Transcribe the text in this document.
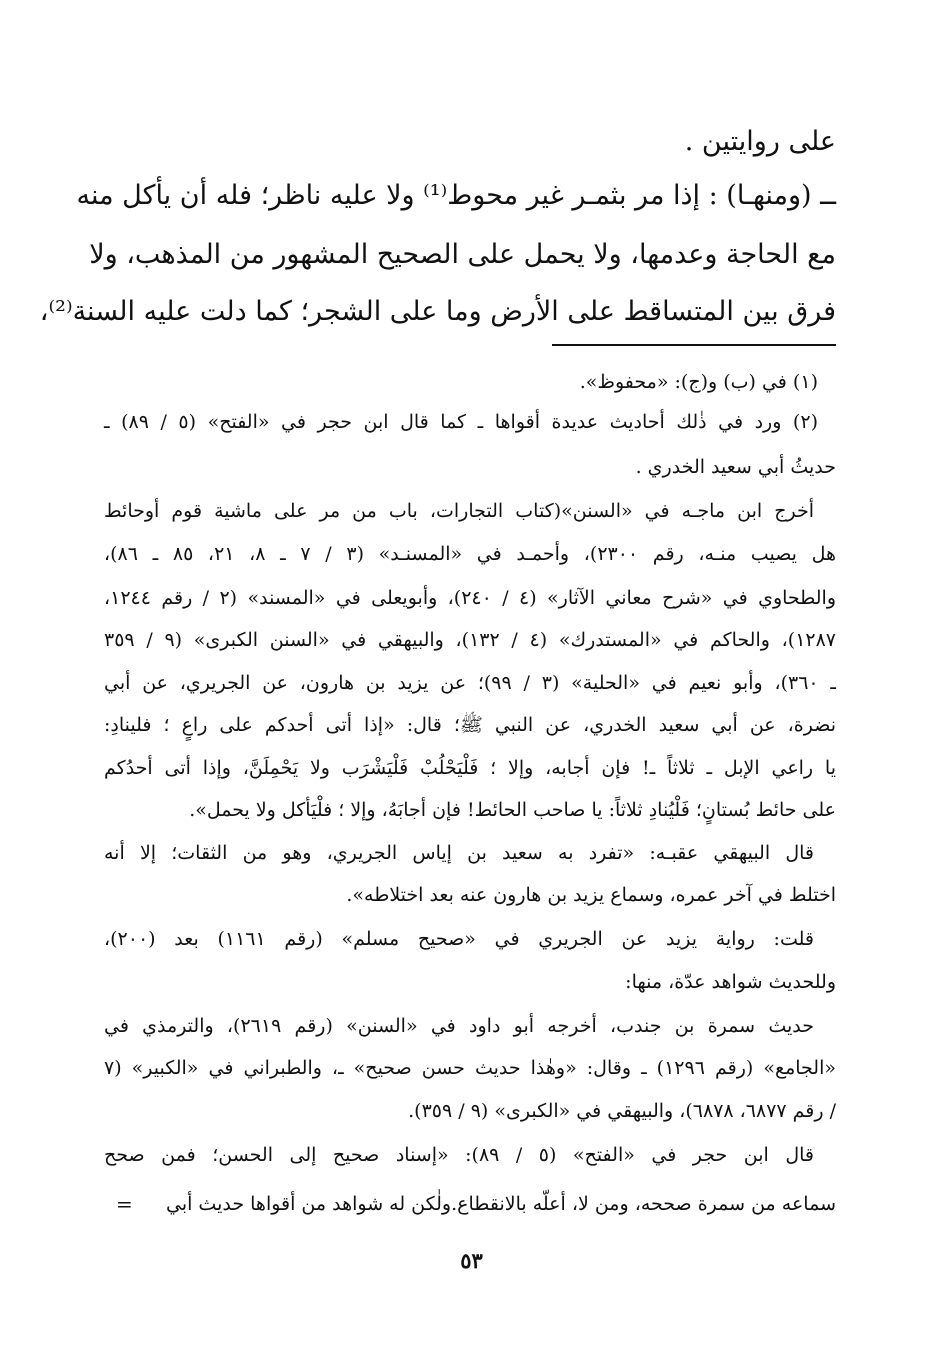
على روايتين .
ــ (ومنهـا) : إذا مر بثمـر غير محوط⁽¹⁾ ولا عليه ناظر؛ فله أن يأكل منه
مع الحاجة وعدمها، ولا يحمل على الصحيح المشهور من المذهب، ولا
فرق بين المتساقط على الأرض وما على الشجر؛ كما دلت عليه السنة⁽²⁾،
(١) في (ب) و(ج): «محفوظ».
(٢) ورد في ذٰلك أحاديث عديدة أقواها ـ كما قال ابن حجر في «الفتح» (٥ / ٨٩) ـ
حديثُ أبي سعيد الخدري .
أخرج ابن ماجـه في «السنن»(كتاب التجارات، باب من مر على ماشية قوم أوحائط
هل يصيب منـه، رقم ٢٣٠٠)، وأحمـد في «المسنـد» (٣ / ٧ ـ ٨، ٢١، ٨٥ ـ ٨٦)،
والطحاوي في «شرح معاني الآثار» (٤ / ٢٤٠)، وأبويعلى في «المسند» (٢ / رقم ١٢٤٤،
١٢٨٧)، والحاكم في «المستدرك» (٤ / ١٣٢)، والبيهقي في «السنن الكبرى» (٩ / ٣٥٩
ـ ٣٦٠)، وأبو نعيم في «الحلية» (٣ / ٩٩)؛ عن يزيد بن هارون، عن الجريري، عن أبي
نضرة، عن أبي سعيد الخدري، عن النبي ﷺ؛ قال: «إذا أتى أحدكم على راعٍ ؛ فلينادِ:
يا راعي الإبل ـ ثلاثاً ـ! فإن أجابه، وإلا ؛ فَلْيَحْلُبْ فَلْيَشْرَب ولا يَحْمِلَنَّ، وإذا أتى أحدُكم
على حائط بُستانٍ؛ فَلْيُنادِ ثلاثاً: يا صاحب الحائط! فإن أجابَهُ، وإلا ؛ فلْيَأكل ولا يحمل».
قال البيهقي عقبـه: «تفرد به سعيد بن إياس الجريري، وهو من الثقات؛ إلا أنه
اختلط في آخر عمره، وسماع يزيد بن هارون عنه بعد اختلاطه».
قلت: رواية يزيد عن الجريري في «صحيح مسلم» (رقم ١١٦١) بعد (٢٠٠)،
وللحديث شواهد عدّة، منها:
حديث سمرة بن جندب، أخرجه أبو داود في «السنن» (رقم ٢٦١٩)، والترمذي في
«الجامع» (رقم ١٢٩٦) ـ وقال: «وهٰذا حديث حسن صحيح» ـ، والطبراني في «الكبير» (٧
/ رقم ٦٨٧٧، ٦٨٧٨)، والبيهقي في «الكبرى» (٩ / ٣٥٩).
قال ابن حجر في «الفتح» (٥ / ٨٩): «إسناد صحيح إلى الحسن؛ فمن صحح
سماعه من سمرة صححه، ومن لا، أعلّه بالانقطاع.ولٰكن له شواهد من أقواها حديث أبي
=
٥٣
